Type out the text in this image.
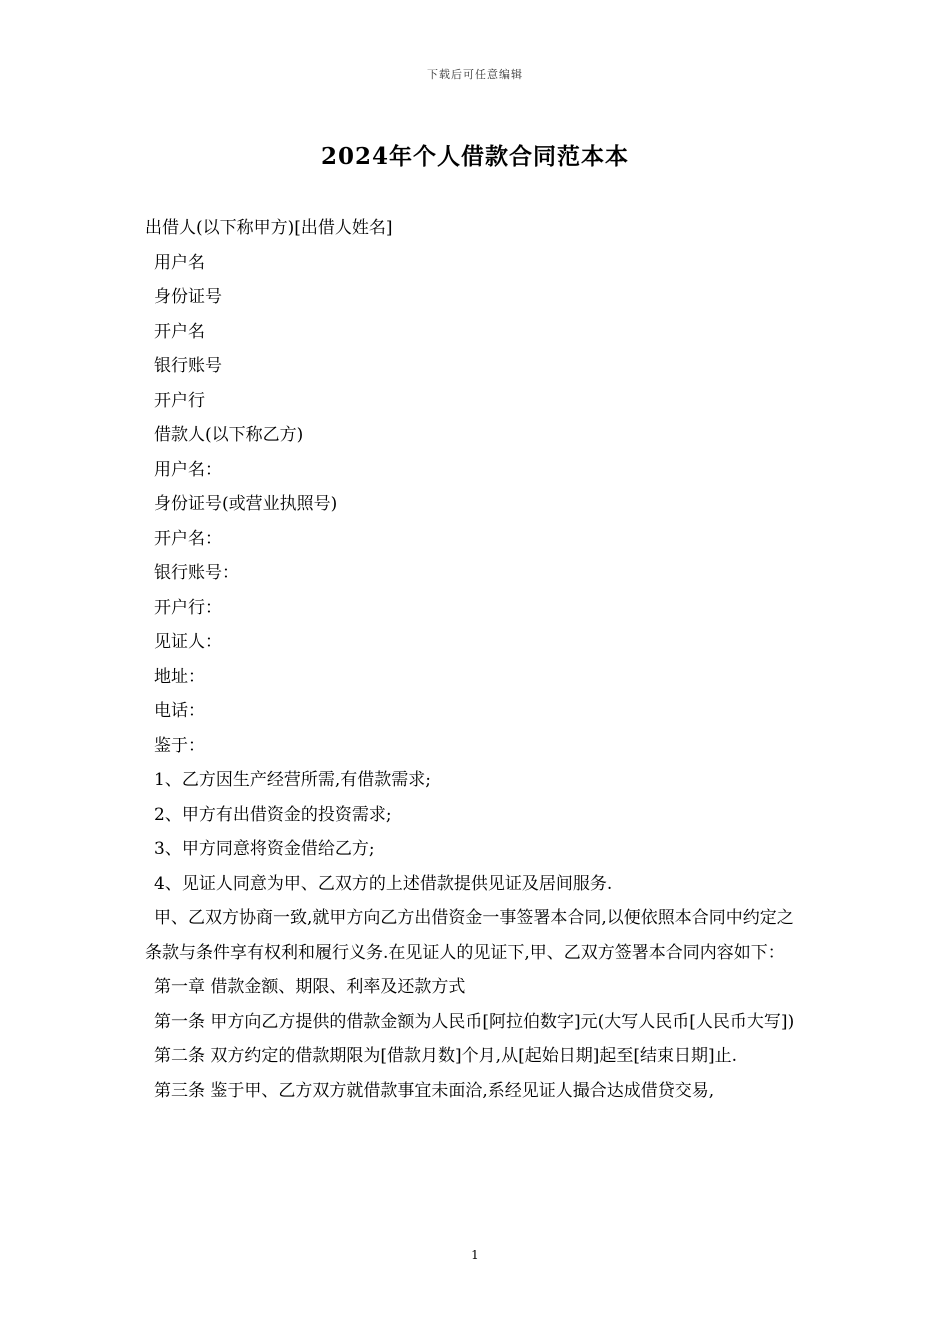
下载后可任意编辑
2024年个人借款合同范本本
出借人(以下称甲方)[出借人姓名]
用户名
身份证号
开户名
银行账号
开户行
借款人(以下称乙方)
用户名：
身份证号(或营业执照号)
开户名：
银行账号：
开户行：
见证人：
地址：
电话：
鉴于：
1、乙方因生产经营所需,有借款需求;
2、甲方有出借资金的投资需求;
3、甲方同意将资金借给乙方;
4、见证人同意为甲、乙双方的上述借款提供见证及居间服务.
甲、乙双方协商一致,就甲方向乙方出借资金一事签署本合同,以便依照本合同中约定之条款与条件享有权利和履行义务.在见证人的见证下,甲、乙双方签署本合同内容如下：
第一章 借款金额、期限、利率及还款方式
第一条 甲方向乙方提供的借款金额为人民币[阿拉伯数字]元(大写人民币[人民币大写])
第二条 双方约定的借款期限为[借款月数]个月,从[起始日期]起至[结束日期]止.
第三条 鉴于甲、乙方双方就借款事宜未面洽,系经见证人撮合达成借贷交易,
1
